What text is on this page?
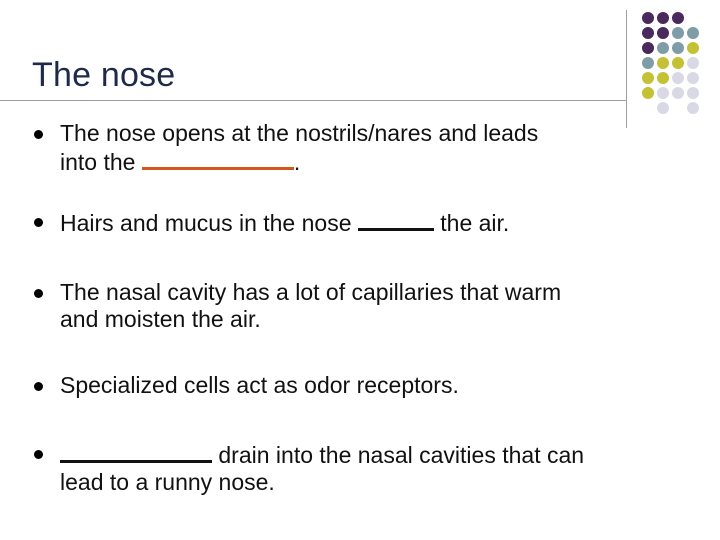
The nose
The nose opens at the nostrils/nares and leads
into the	.
Hairs and mucus in the nose	the air.
The nasal cavity has a lot of capillaries that warm
and moisten the air.
Specialized cells act as odor receptors.
drain into the nasal cavities that can
lead to a runny nose.
